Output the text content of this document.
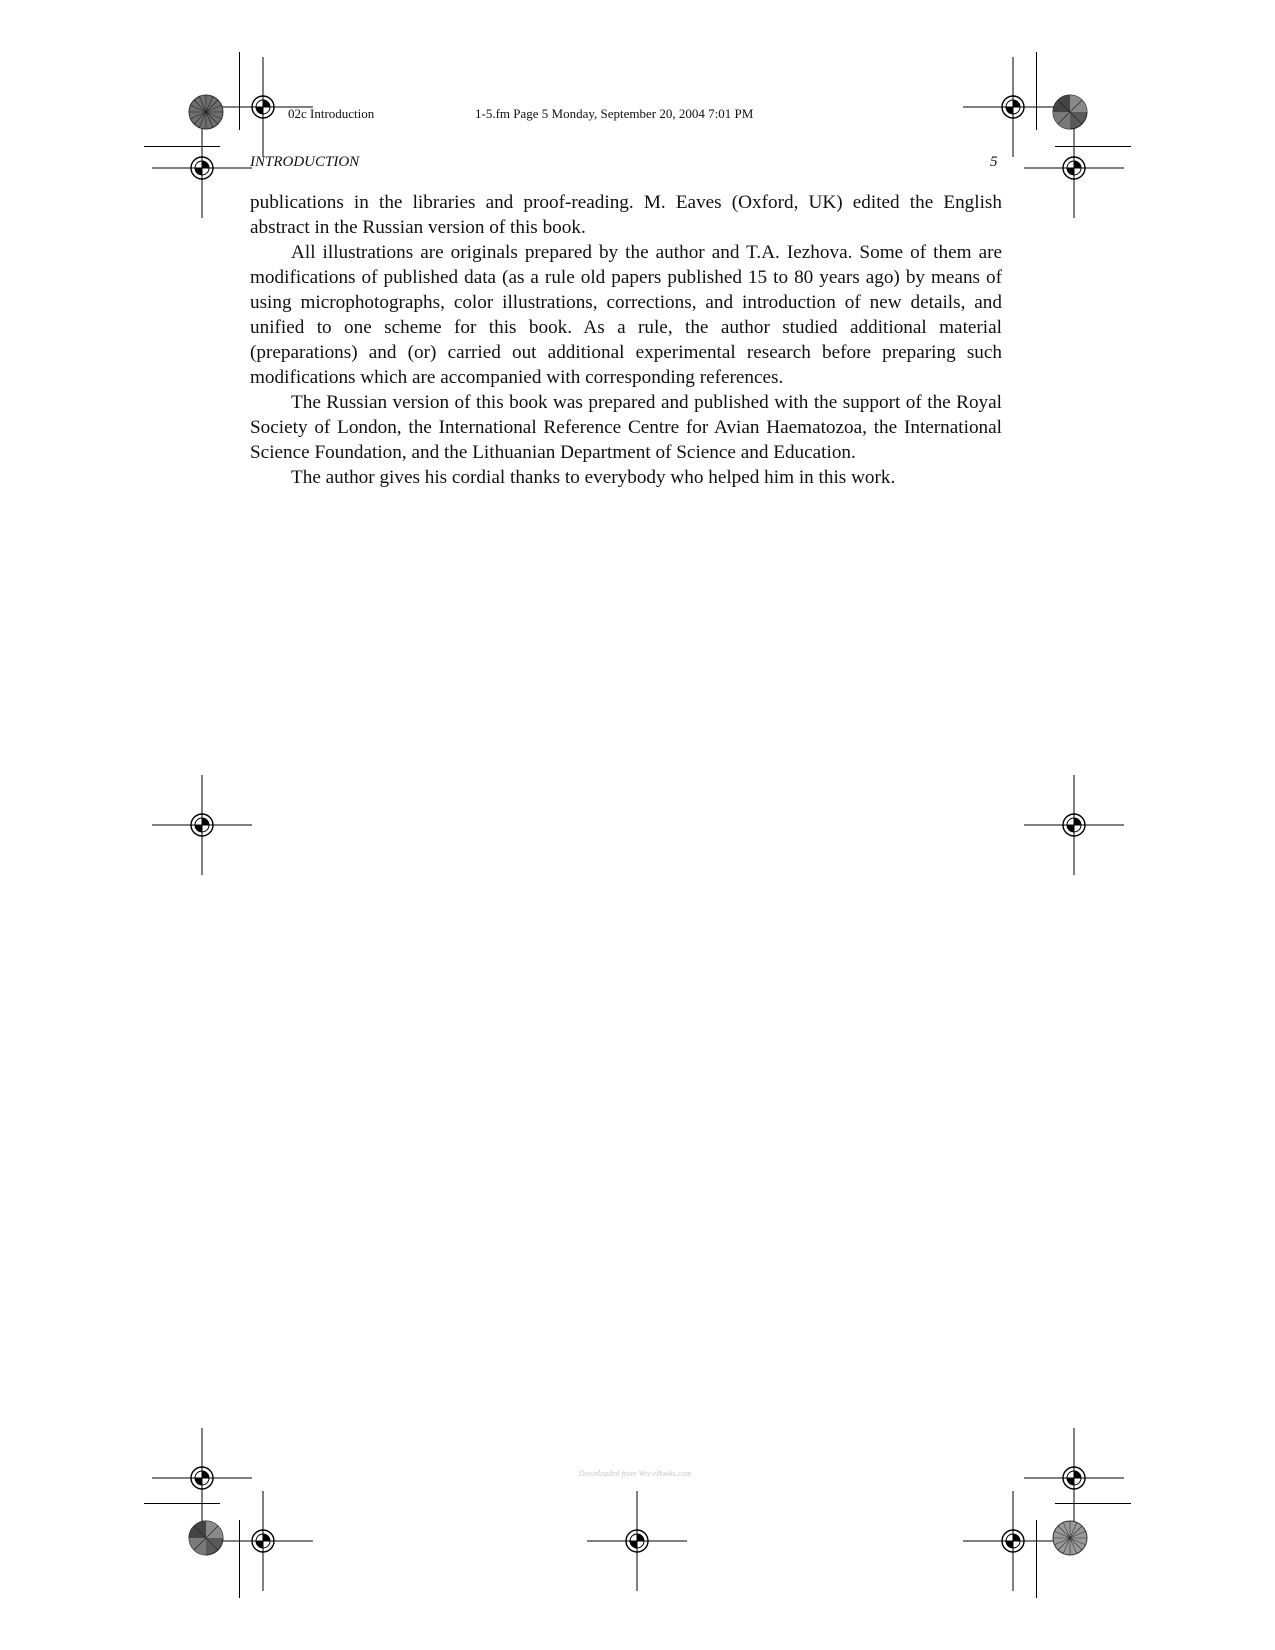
02c Introduction	1-5.fm Page 5 Monday, September 20, 2004 7:01 PM
INTRODUCTION	5

publications in the libraries and proof-reading. M. Eaves (Oxford, UK) edited the English abstract in the Russian version of this book.

All illustrations are originals prepared by the author and T.A. Iezhova. Some of them are modifications of published data (as a rule old papers published 15 to 80 years ago) by means of using microphotographs, color illustrations, corrections, and introduction of new details, and unified to one scheme for this book. As a rule, the author studied additional material (preparations) and (or) carried out additional experimental research before preparing such modifications which are accompanied with corresponding references.

The Russian version of this book was prepared and published with the support of the Royal Society of London, the International Reference Centre for Avian Haematozoa, the International Science Foundation, and the Lithuanian Department of Science and Education.

The author gives his cordial thanks to everybody who helped him in this work.

Downloaded from Wei-eBooks.com
